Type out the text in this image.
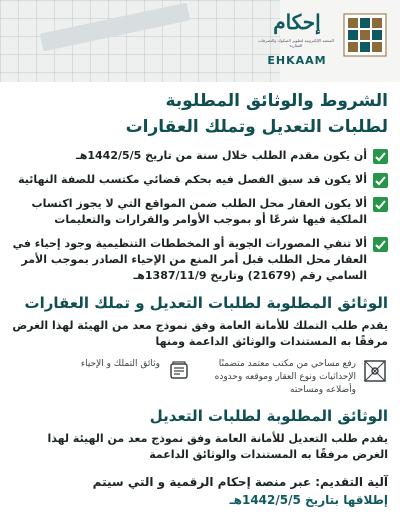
إحكام
المنصة الإلكترونية لتطوير الصكوك والتصرفات العقارية
EHKAAM
الشروط والوثائق المطلوبة
لطلبات التعديل وتملك العقارات
أن يكون مقدم الطلب خلال سنة من تاريخ 1442/5/5هـ
ألا يكون قد سبق الفصل فيه بحكم قضائي مكتسب للصفة النهائية
ألا يكون العقار محل الطلب ضمن المواقع التي لا يجوز اكتساب الملكية فيها شرعًا أو بموجب الأوامر والقرارات والتعليمات
ألا تنفي المصورات الجوية أو المخططات التنظيمية وجود إحياء في العقار محل الطلب قبل أمر المنع من الإحياء الصادر بموجب الأمر السامي رقم (21679) وتاريخ 1387/11/9هـ
الوثائق المطلوبة لطلبات التعديل و تملك العقارات
يقدم طلب التملك للأمانة العامة وفق نموذج معد من الهيئة لهذا الغرض مرفقًا به المستندات والوثائق الداعمة ومنها
رفع مساحي من مكتب معتمد متضمنًا الإحداثيات ونوع العقار وموقعه وحدوده وأضلاعه ومساحته
وثائق التملك و الإحياء
الوثائق المطلوبة لطلبات التعديل
يقدم طلب التعديل للأمانة العامة وفق نموذج معد من الهيئة لهذا الغرض مرفقًا به المستندات والوثائق الداعمة
آلية التقديم: عبر منصة إحكام الرقمية و التي سيتم
إطلاقها بتاريخ 1442/5/5هـ
